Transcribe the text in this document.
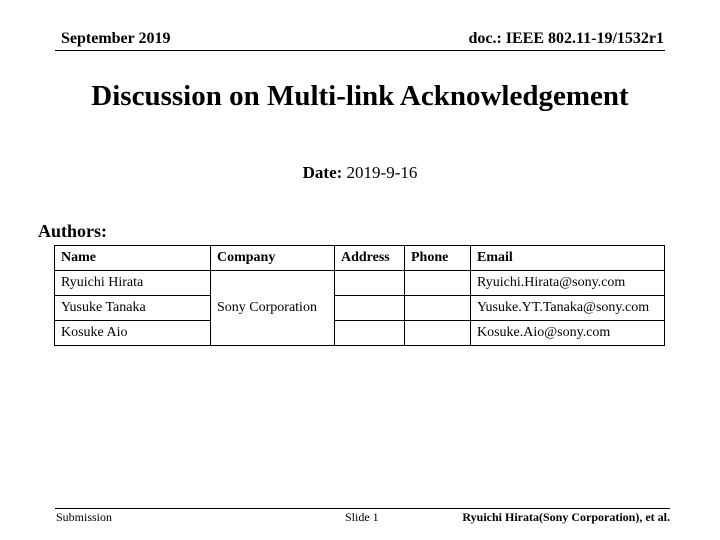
September 2019	doc.: IEEE 802.11-19/1532r1
Discussion on Multi-link Acknowledgement
Date: 2019-9-16
Authors:
Name	Company	Address	Phone	Email
Ryuichi Hirata	Sony Corporation			Ryuichi.Hirata@sony.com
Yusuke Tanaka				Yusuke.YT.Tanaka@sony.com
Kosuke Aio				Kosuke.Aio@sony.com
Submission	Slide 1	Ryuichi Hirata(Sony Corporation), et al.
